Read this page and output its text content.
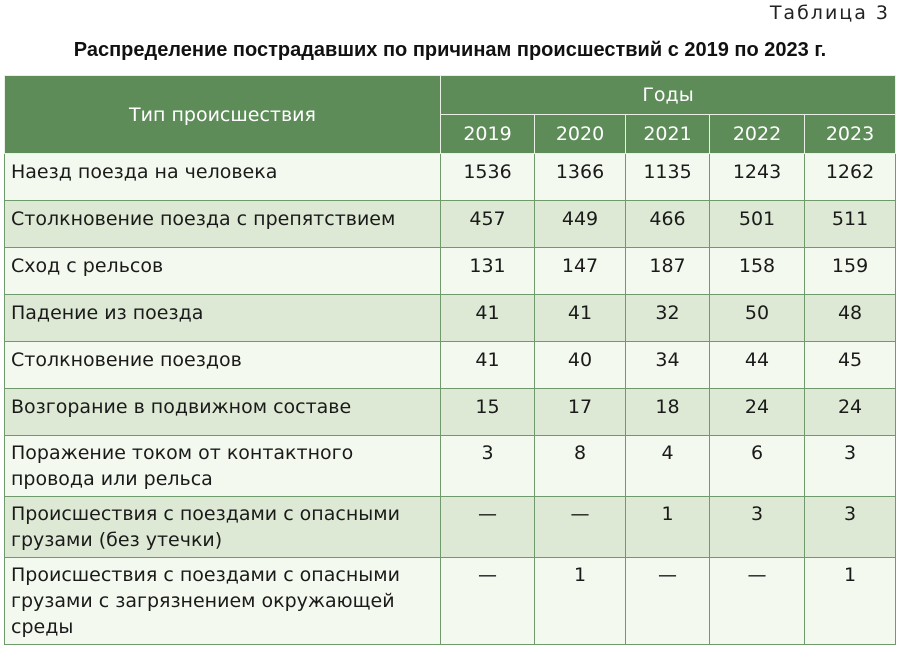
Таблица 3
Распределение пострадавших по причинам происшествий с 2019 по 2023 г.
Тип происшествия	Годы				
	2019	2020	2021	2022	2023
Наезд поезда на человека	1536	1366	1135	1243	1262
Столкновение поезда с препятствием	457	449	466	501	511
Сход с рельсов	131	147	187	158	159
Падение из поезда	41	41	32	50	48
Столкновение поездов	41	40	34	44	45
Возгорание в подвижном составе	15	17	18	24	24
Поражение током от контактного провода или рельса	3	8	4	6	3
Происшествия с поездами с опасными грузами (без утечки)	—	—	1	3	3
Происшествия с поездами с опасными грузами с загрязнением окружающей среды	—	1	—	—	1
